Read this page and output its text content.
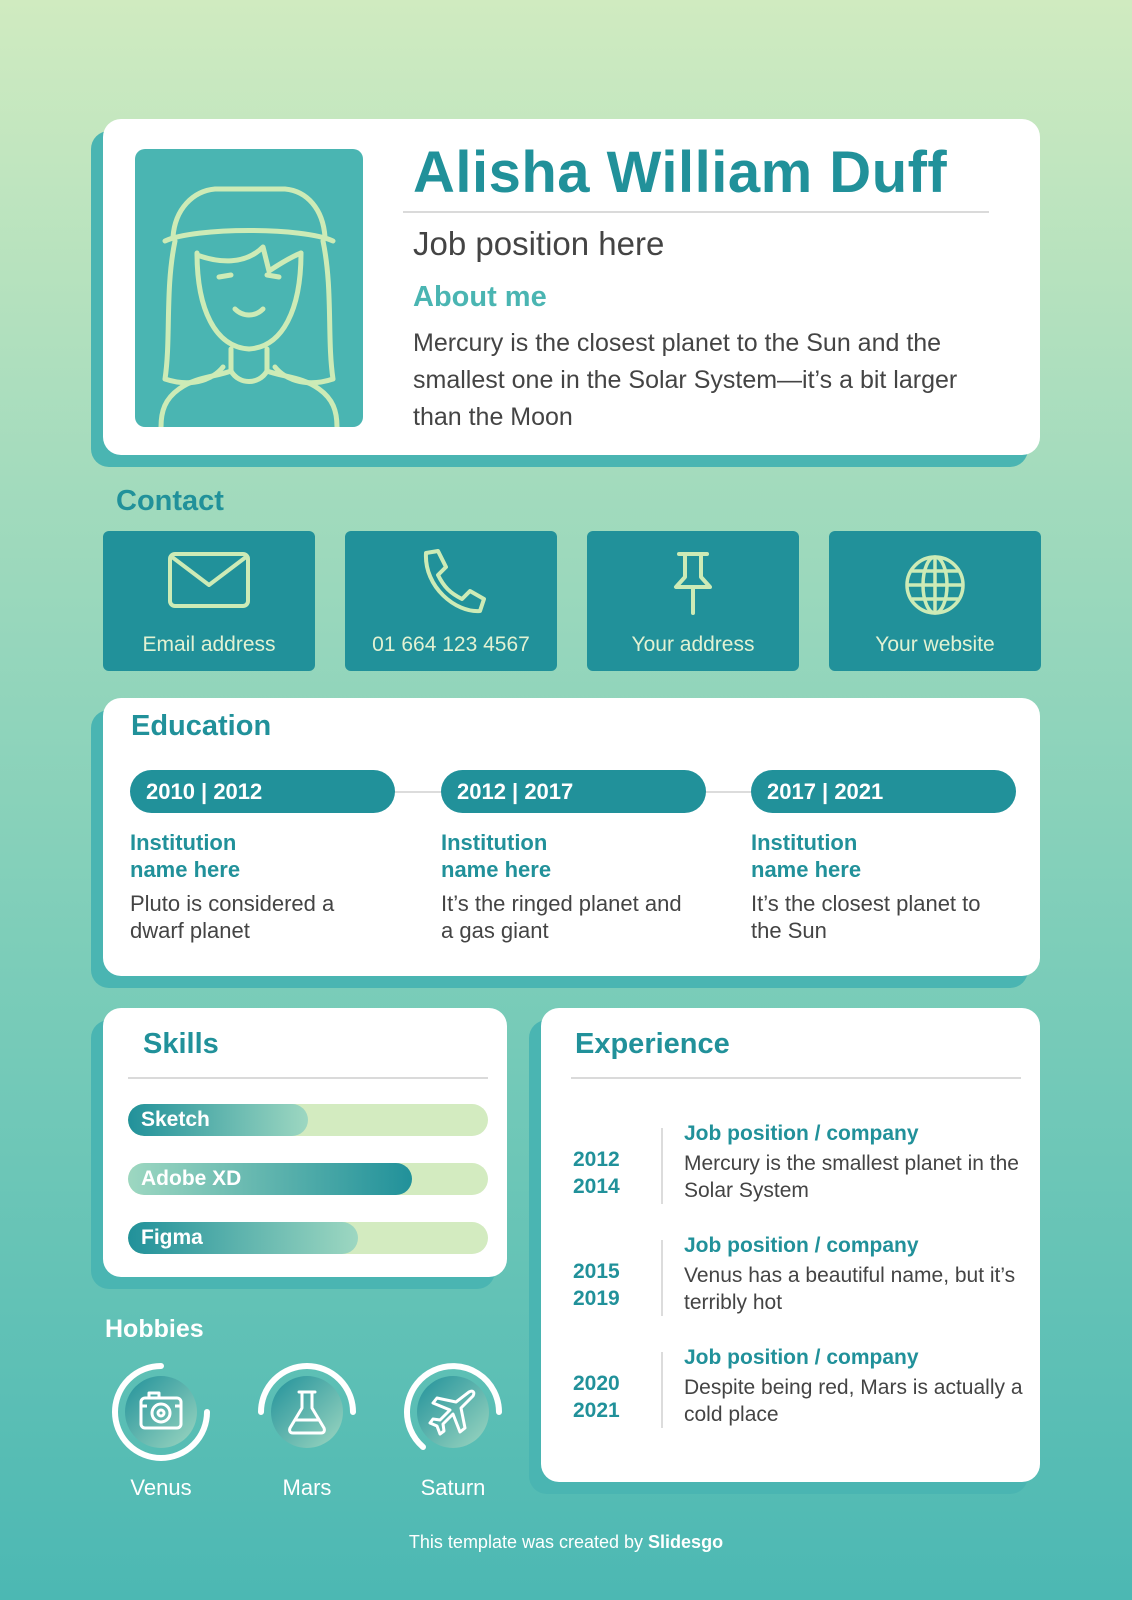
Alisha William Duff
Job position here
About me
Mercury is the closest planet to the Sun and the smallest one in the Solar System—it’s a bit larger than the Moon
Contact
Email address	01 664 123 4567	Your address	Your website
Education
2010 | 2012
Institution name here
Pluto is considered a dwarf planet
2012 | 2017
Institution name here
It’s the ringed planet and a gas giant
2017 | 2021
Institution name here
It’s the closest planet to the Sun
Skills
Sketch
Adobe XD
Figma
Hobbies
Venus	Mars	Saturn
Experience
2012
2014
Job position / company
Mercury is the smallest planet in the Solar System
2015
2019
Job position / company
Venus has a beautiful name, but it’s terribly hot
2020
2021
Job position / company
Despite being red, Mars is actually a cold place
This template was created by Slidesgo
